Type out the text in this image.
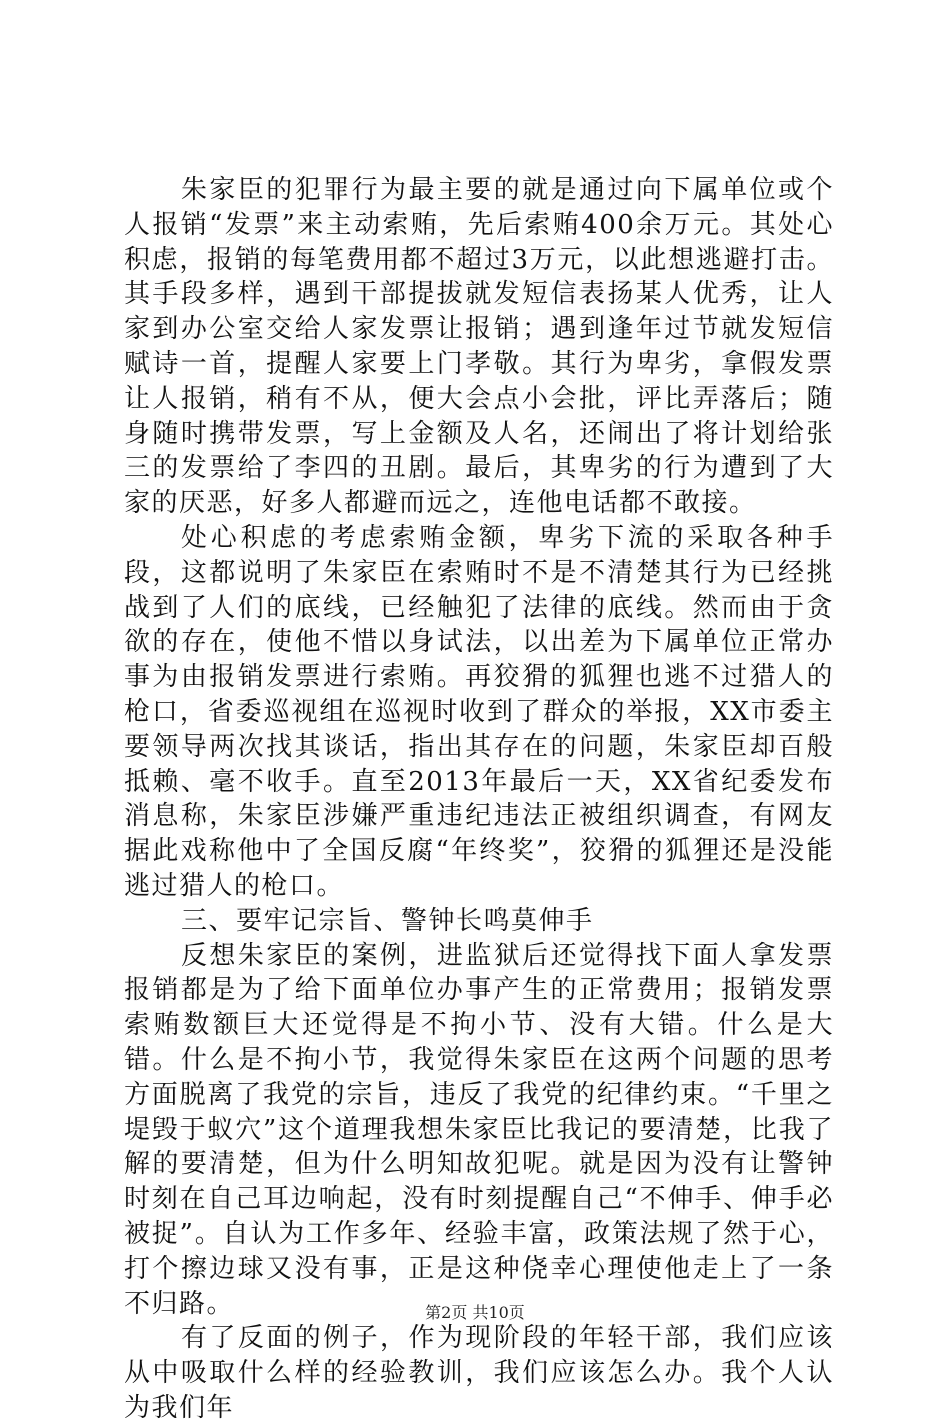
朱家臣的犯罪行为最主要的就是通过向下属单位或个人报销“发票”来主动索贿，先后索贿400余万元。其处心积虑，报销的每笔费用都不超过3万元，以此想逃避打击。其手段多样，遇到干部提拔就发短信表扬某人优秀，让人家到办公室交给人家发票让报销；遇到逢年过节就发短信赋诗一首，提醒人家要上门孝敬。其行为卑劣，拿假发票让人报销，稍有不从，便大会点小会批，评比弄落后；随身随时携带发票，写上金额及人名，还闹出了将计划给张三的发票给了李四的丑剧。最后，其卑劣的行为遭到了大家的厌恶，好多人都避而远之，连他电话都不敢接。

处心积虑的考虑索贿金额，卑劣下流的采取各种手段，这都说明了朱家臣在索贿时不是不清楚其行为已经挑战到了人们的底线，已经触犯了法律的底线。然而由于贪欲的存在，使他不惜以身试法，以出差为下属单位正常办事为由报销发票进行索贿。再狡猾的狐狸也逃不过猎人的枪口，省委巡视组在巡视时收到了群众的举报，XX市委主要领导两次找其谈话，指出其存在的问题，朱家臣却百般抵赖、毫不收手。直至2013年最后一天，XX省纪委发布消息称，朱家臣涉嫌严重违纪违法正被组织调查，有网友据此戏称他中了全国反腐“年终奖”，狡猾的狐狸还是没能逃过猎人的枪口。

三、要牢记宗旨、警钟长鸣莫伸手

反想朱家臣的案例，进监狱后还觉得找下面人拿发票报销都是为了给下面单位办事产生的正常费用；报销发票索贿数额巨大还觉得是不拘小节、没有大错。什么是大错。什么是不拘小节，我觉得朱家臣在这两个问题的思考方面脱离了我党的宗旨，违反了我党的纪律约束。“千里之堤毁于蚁穴”这个道理我想朱家臣比我记的要清楚，比我了解的要清楚，但为什么明知故犯呢。就是因为没有让警钟时刻在自己耳边响起，没有时刻提醒自己“不伸手、伸手必被捉”。自认为工作多年、经验丰富，政策法规了然于心，打个擦边球又没有事，正是这种侥幸心理使他走上了一条不归路。

有了反面的例子，作为现阶段的年轻干部，我们应该从中吸取什么样的经验教训，我们应该怎么办。我个人认为我们年

第2页 共10页
